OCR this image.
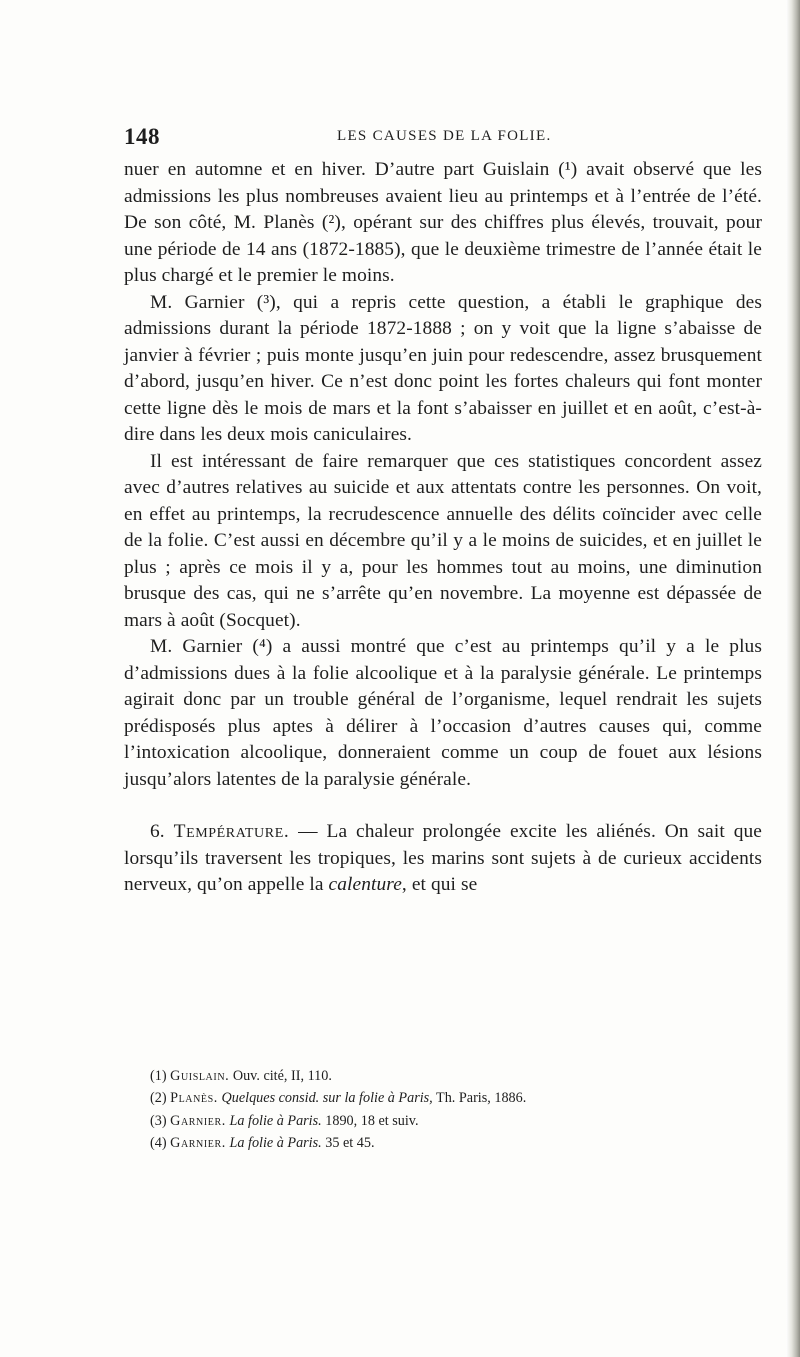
148	LES CAUSES DE LA FOLIE.

nuer en automne et en hiver. D’autre part Guislain (¹) avait observé que les admissions les plus nombreuses avaient lieu au printemps et à l’entrée de l’été. De son côté, M. Planès (²), opérant sur des chiffres plus élevés, trouvait, pour une période de 14 ans (1872-1885), que le deuxième trimestre de l’année était le plus chargé et le premier le moins.

M. Garnier (³), qui a repris cette question, a établi le graphique des admissions durant la période 1872-1888 ; on y voit que la ligne s’abaisse de janvier à février ; puis monte jusqu’en juin pour redescendre, assez brusquement d’abord, jusqu’en hiver. Ce n’est donc point les fortes chaleurs qui font monter cette ligne dès le mois de mars et la font s’abaisser en juillet et en août, c’est-à-dire dans les deux mois caniculaires.

Il est intéressant de faire remarquer que ces statistiques concordent assez avec d’autres relatives au suicide et aux attentats contre les personnes. On voit, en effet au printemps, la recrudescence annuelle des délits coïncider avec celle de la folie. C’est aussi en décembre qu’il y a le moins de suicides, et en juillet le plus ; après ce mois il y a, pour les hommes tout au moins, une diminution brusque des cas, qui ne s’arrête qu’en novembre. La moyenne est dépassée de mars à août (Socquet).

M. Garnier (⁴) a aussi montré que c’est au printemps qu’il y a le plus d’admissions dues à la folie alcoolique et à la paralysie générale. Le printemps agirait donc par un trouble général de l’organisme, lequel rendrait les sujets prédisposés plus aptes à délirer à l’occasion d’autres causes qui, comme l’intoxication alcoolique, donneraient comme un coup de fouet aux lésions jusqu’alors latentes de la paralysie générale.

6. Température. — La chaleur prolongée excite les aliénés. On sait que lorsqu’ils traversent les tropiques, les marins sont sujets à de curieux accidents nerveux, qu’on appelle la calenture, et qui se

(1) Guislain. Ouv. cité, II, 110.

(2) Planès. Quelques consid. sur la folie à Paris, Th. Paris, 1886.

(3) Garnier. La folie à Paris. 1890, 18 et suiv.

(4) Garnier. La folie à Paris. 35 et 45.
